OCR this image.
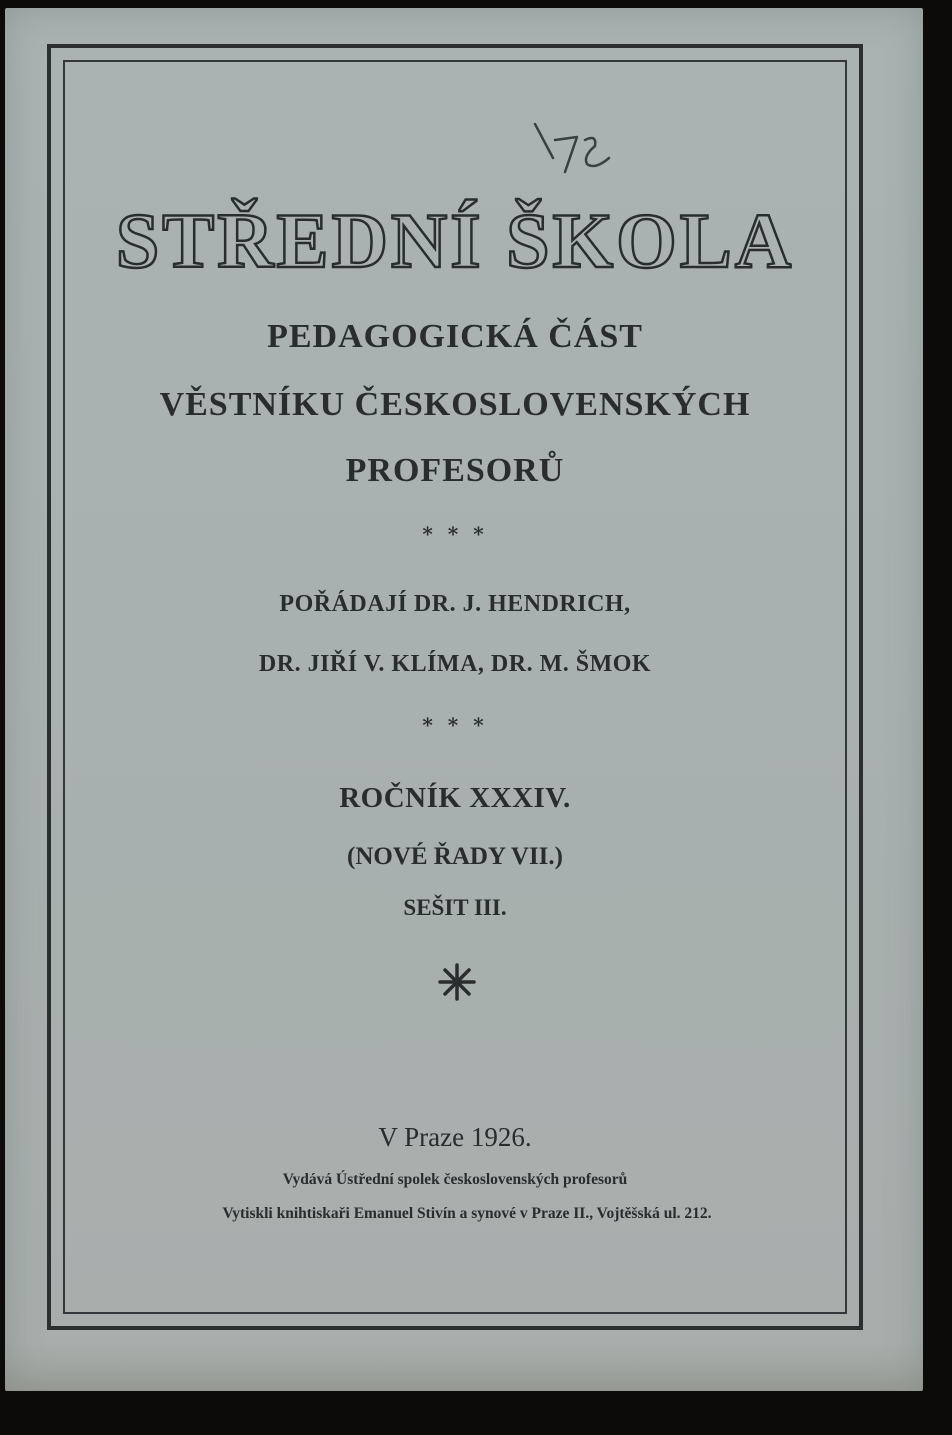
STŘEDNÍ ŠKOLA
PEDAGOGICKÁ ČÁST
VĚSTNÍKU ČESKOSLOVENSKÝCH
PROFESORŮ
* * *
POŘÁDAJÍ DR. J. HENDRICH,
DR. JIŘÍ V. KLÍMA, DR. M. ŠMOK
* * *
ROČNÍK XXXIV.
(NOVÉ ŘADY VII.)
SEŠIT III.
V Praze 1926.
Vydává Ústřední spolek československých profesorů
Vytiskli knihtiskaři Emanuel Stivín a synové v Praze II., Vojtěšská ul. 212.
